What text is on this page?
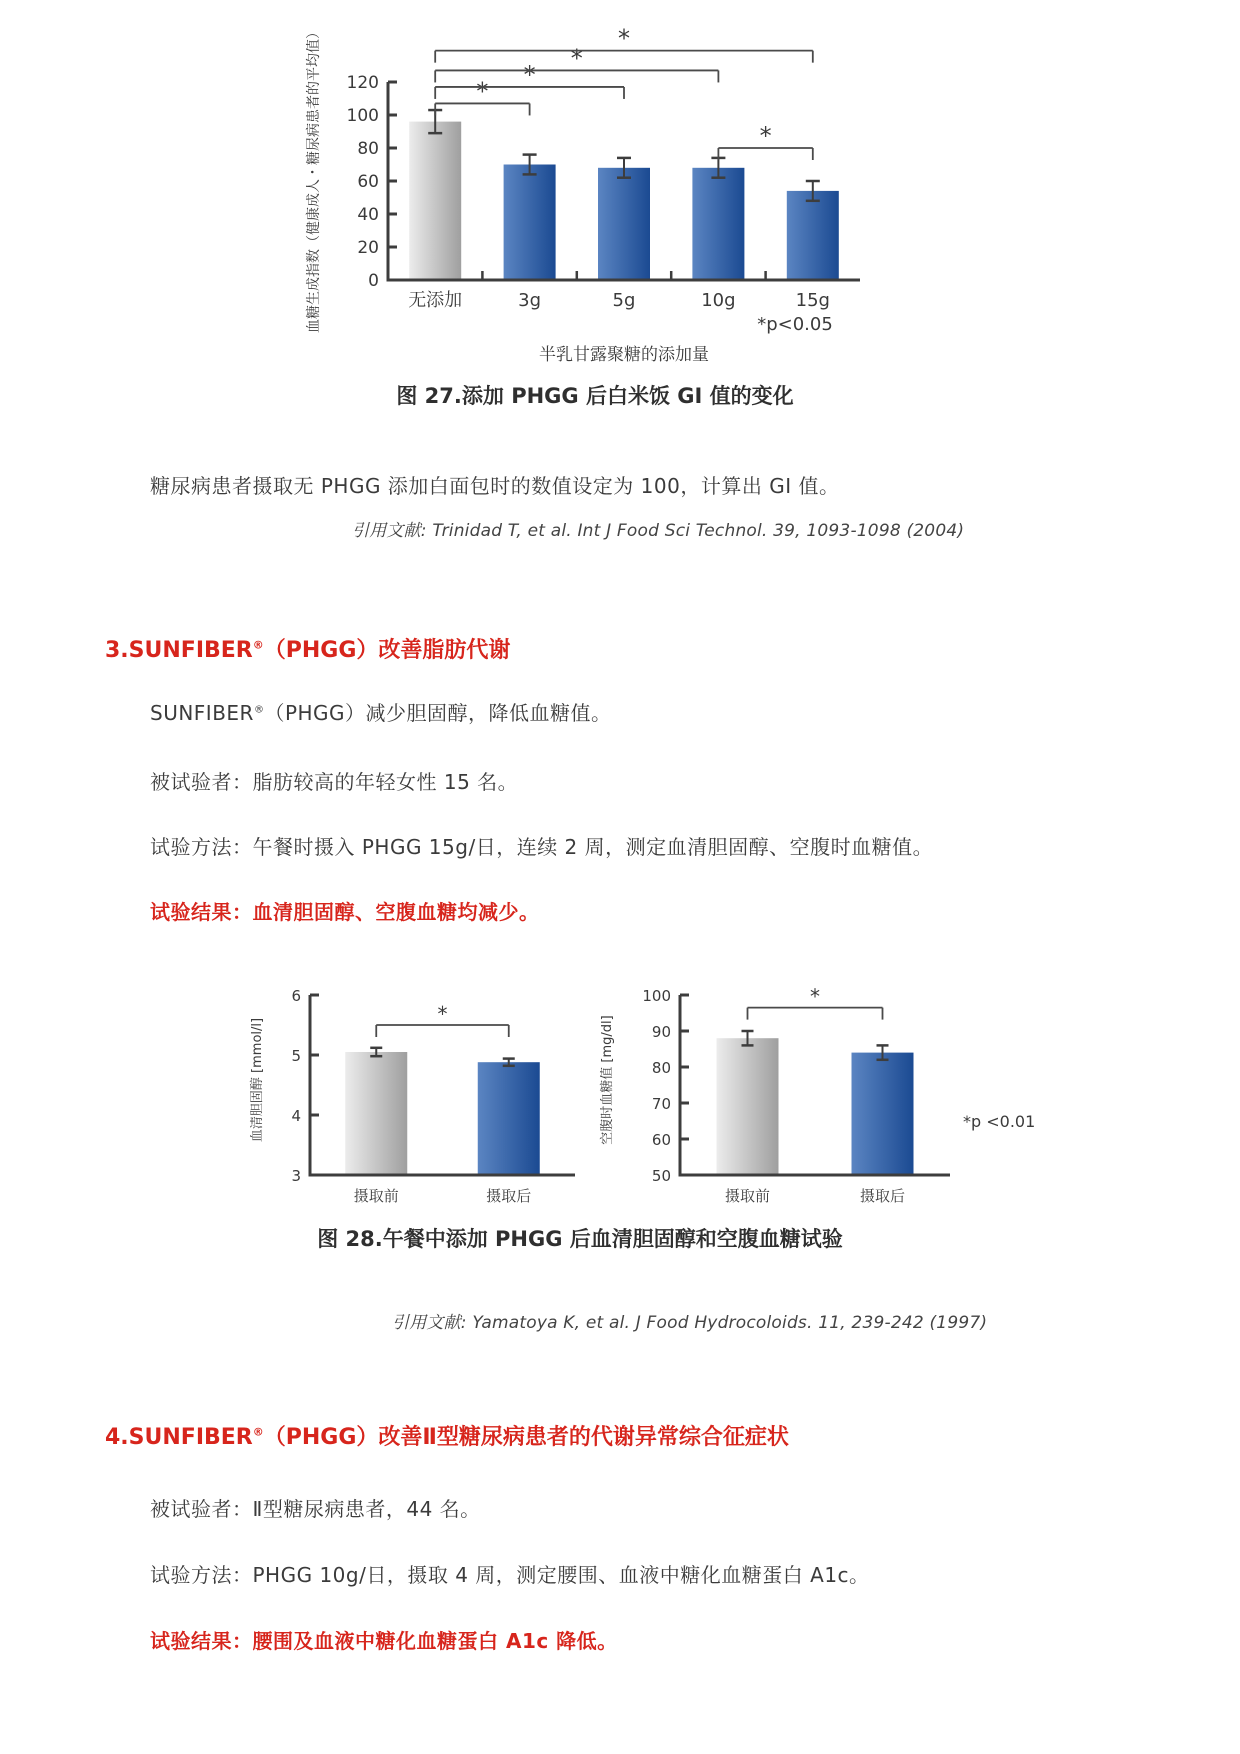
无添加	3g	5g	10g	15g
0
20
40
60
80
100
120	*
*
*
*
*
血糖生成指数（健康成人・糖尿病患者的平均值）
半乳甘露聚糖的添加量
*p<0.05
图 27.添加 PHGG 后白米饭 GI 值的变化
糖尿病患者摄取无 PHGG 添加白面包时的数值设定为 100，计算出 GI 值。
引用文献: Trinidad T, et al. Int J Food Sci Technol. 39, 1093-1098 (2004)
3.SUNFIBER®（PHGG）改善脂肪代谢
SUNFIBER®（PHGG）减少胆固醇，降低血糖值。
被试验者：脂肪较高的年轻女性 15 名。
试验方法：午餐时摄入 PHGG 15g/日，连续 2 周，测定血清胆固醇、空腹时血糖值。
试验结果：血清胆固醇、空腹血糖均减少。
摄取前	摄取后
3
4
5
6
*
血清胆固醇 [mmol/l]
摄取前	摄取后
50
60
70
80
90
100	*
空腹时血糖值 [mg/dl]	*p <0.01
图 28.午餐中添加 PHGG 后血清胆固醇和空腹血糖试验
引用文献: Yamatoya K, et al. J Food Hydrocoloids. 11, 239-242 (1997)
4.SUNFIBER®（PHGG）改善Ⅱ型糖尿病患者的代谢异常综合征症状
被试验者：Ⅱ型糖尿病患者，44 名。
试验方法：PHGG 10g/日，摄取 4 周，测定腰围、血液中糖化血糖蛋白 A1c。
试验结果：腰围及血液中糖化血糖蛋白 A1c 降低。
